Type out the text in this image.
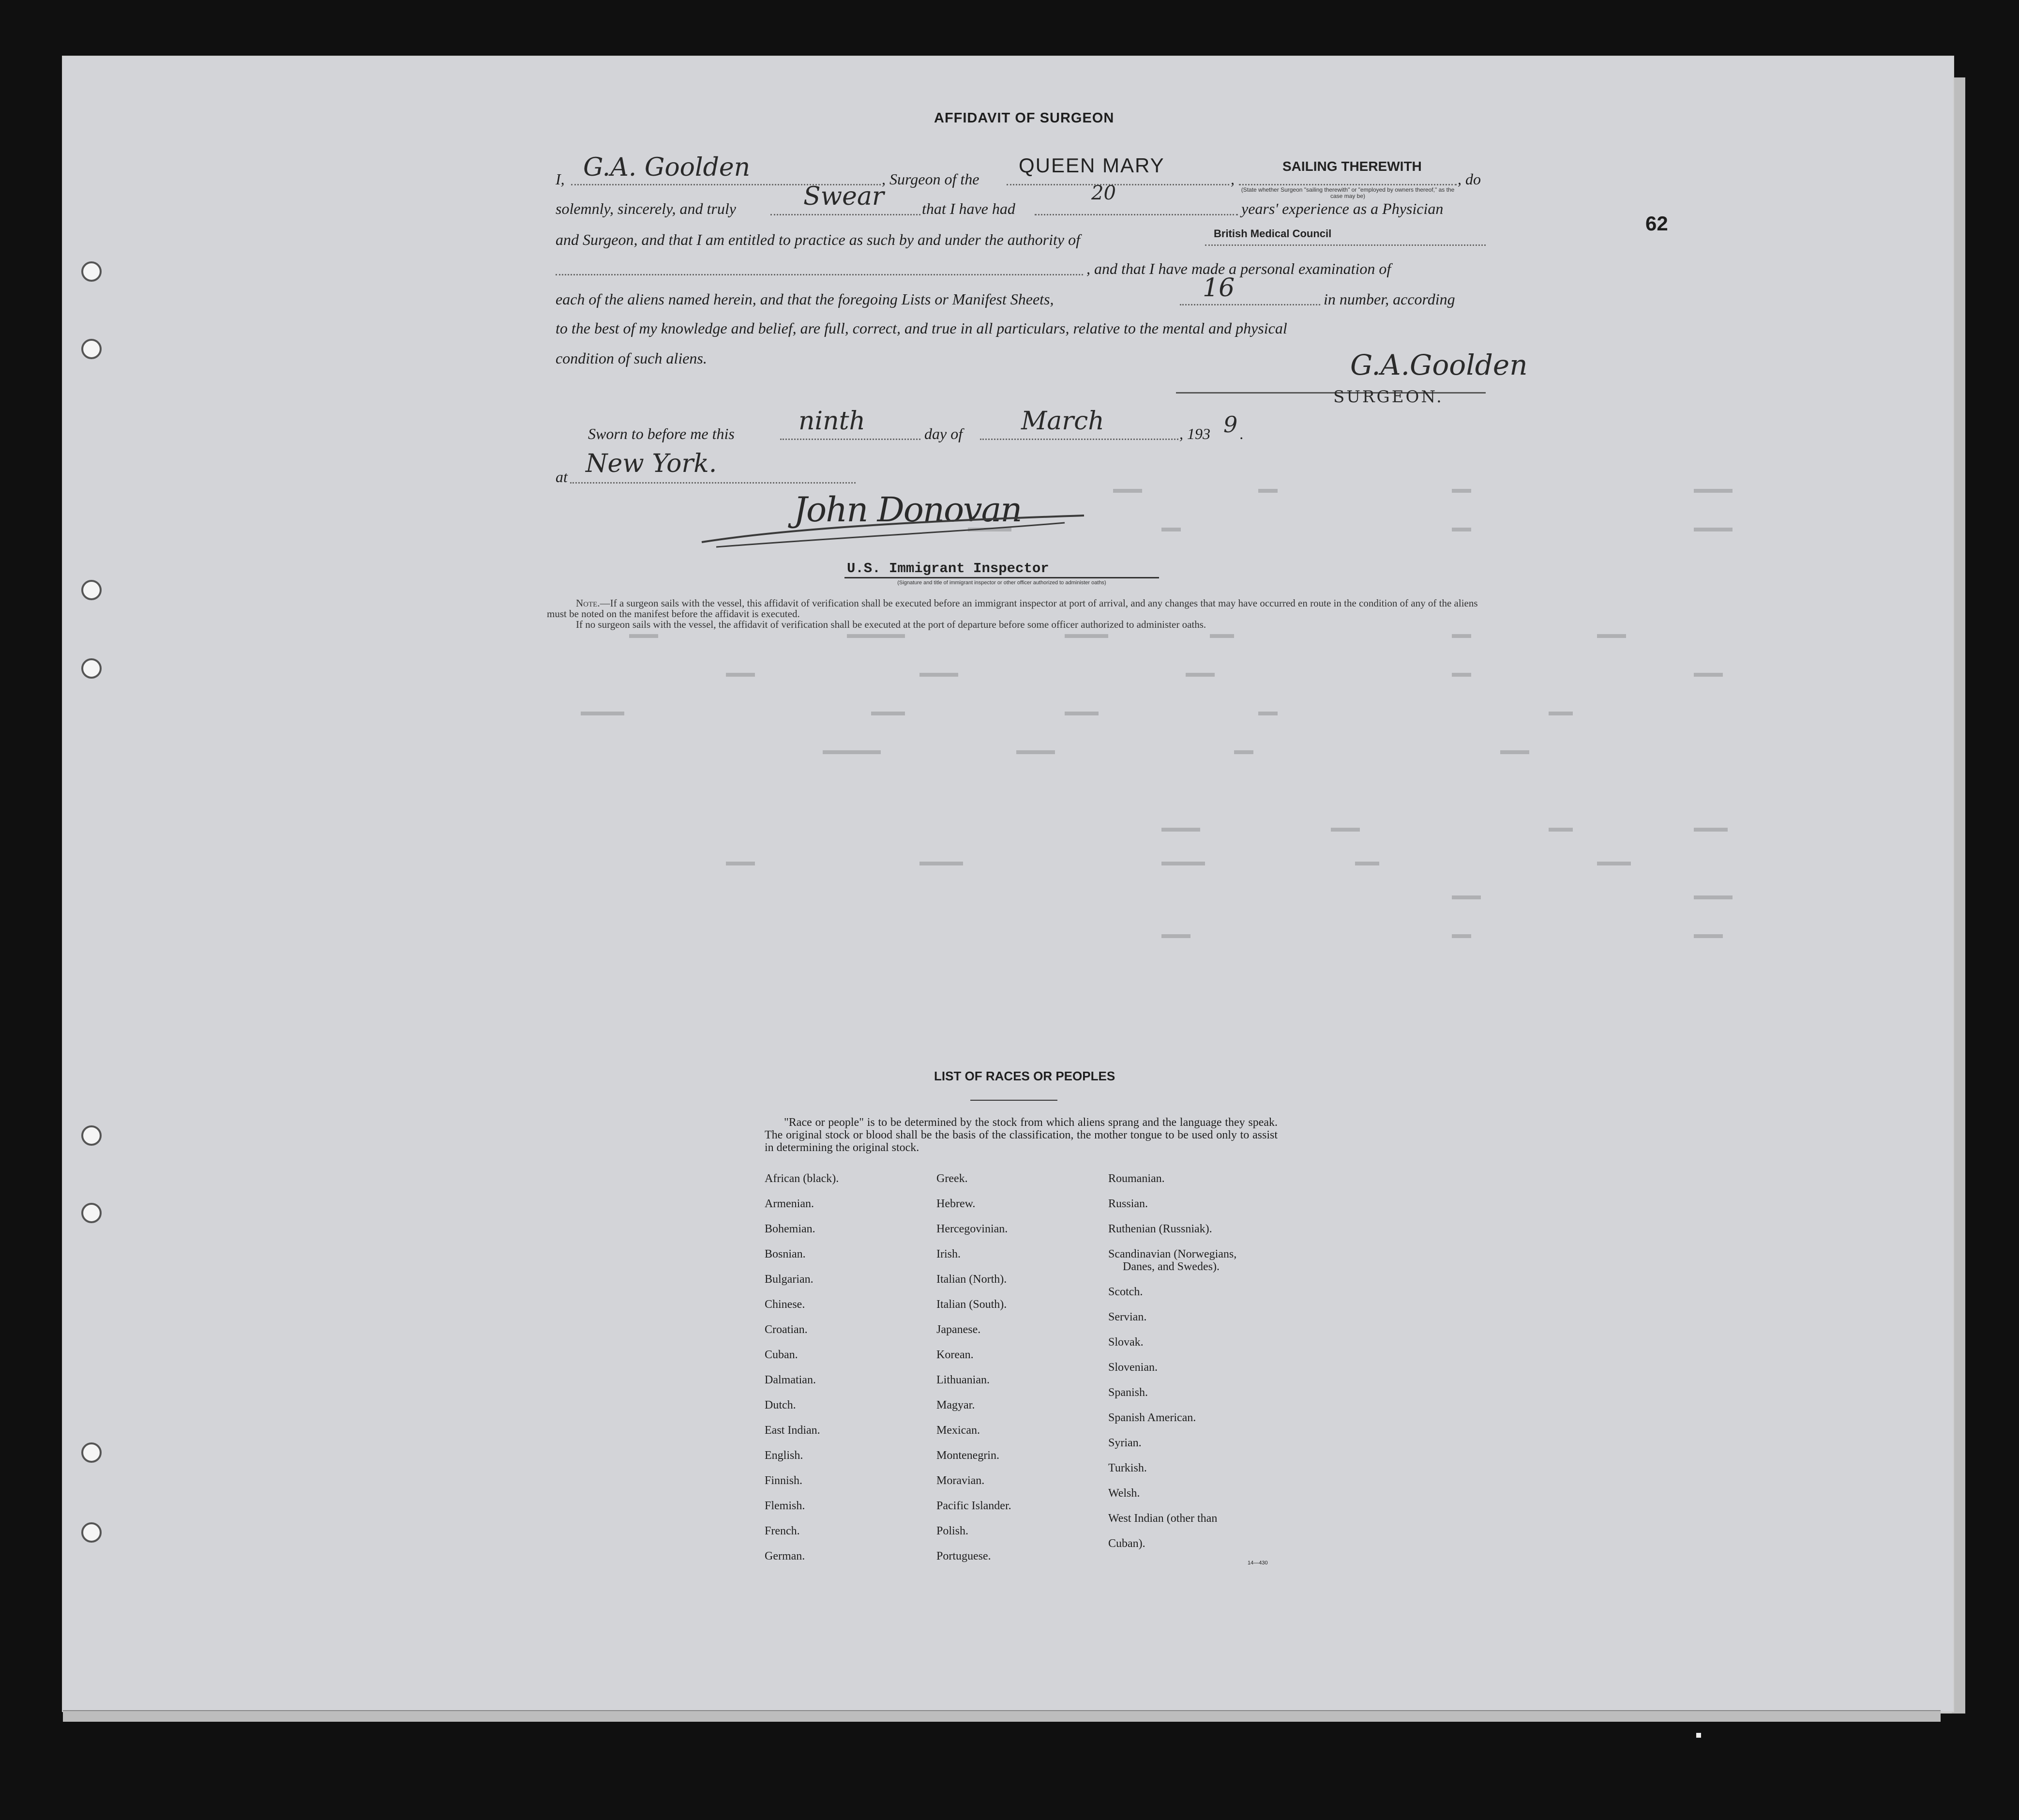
62
AFFIDAVIT OF SURGEON
I, G.A. Goolden	, Surgeon of the
QUEEN MARY
,
SAILING THEREWITH
, do
(State whether Surgeon "sailing therewith" or "employed by owners thereof," as the case may be)
solemnly, sincerely, and truly	Swear that I have had
20
years' experience as a Physician
and Surgeon, and that I am entitled to practice as such by and under the authority of	British Medical Council
, and that I have made a personal examination of
each of the aliens named herein, and that the foregoing Lists or Manifest Sheets,	16	in number, according
to the best of my knowledge and belief, are full, correct, and true in all particulars, relative to the mental and physical
condition of such aliens.	G.A.Goolden
SURGEON.
Sworn to before me this	ninth	day of March	, 193 9 .
at New York.
John Donovan
U.S. Immigrant Inspector
(Signature and title of immigrant inspector or other officer authorized to administer oaths)

Note.—If a surgeon sails with the vessel, this affidavit of verification shall be executed before an immigrant inspector at port of arrival, and any changes that may have occurred en route in the condition of any of the aliens must be noted on the manifest before the affidavit is executed.

If no surgeon sails with the vessel, the affidavit of verification shall be executed at the port of departure before some officer authorized to administer oaths.

LIST OF RACES OR PEOPLES

"Race or people" is to be determined by the stock from which aliens sprang and the language they speak. The original stock or blood shall be the basis of the classification, the mother tongue to be used only to assist in determining the original stock.

African (black).
Armenian.
Bohemian.
Bosnian.
Bulgarian.
Chinese.
Croatian.
Cuban.
Dalmatian.
Dutch.
East Indian.
English.
Finnish.
Flemish.
French.
German.
Greek.
Hebrew.
Hercegovinian.
Irish.
Italian (North).
Italian (South).
Japanese.
Korean.
Lithuanian.
Magyar.
Mexican.
Montenegrin.
Moravian.
Pacific Islander.
Polish.
Portuguese.
Roumanian.
Russian.
Ruthenian (Russniak).
Scandinavian (Norwegians,
Danes, and Swedes).
Scotch.
Servian.
Slovak.
Slovenian.
Spanish.
Spanish American.
Syrian.
Turkish.
Welsh.
West Indian (other than
Cuban).
14—430
